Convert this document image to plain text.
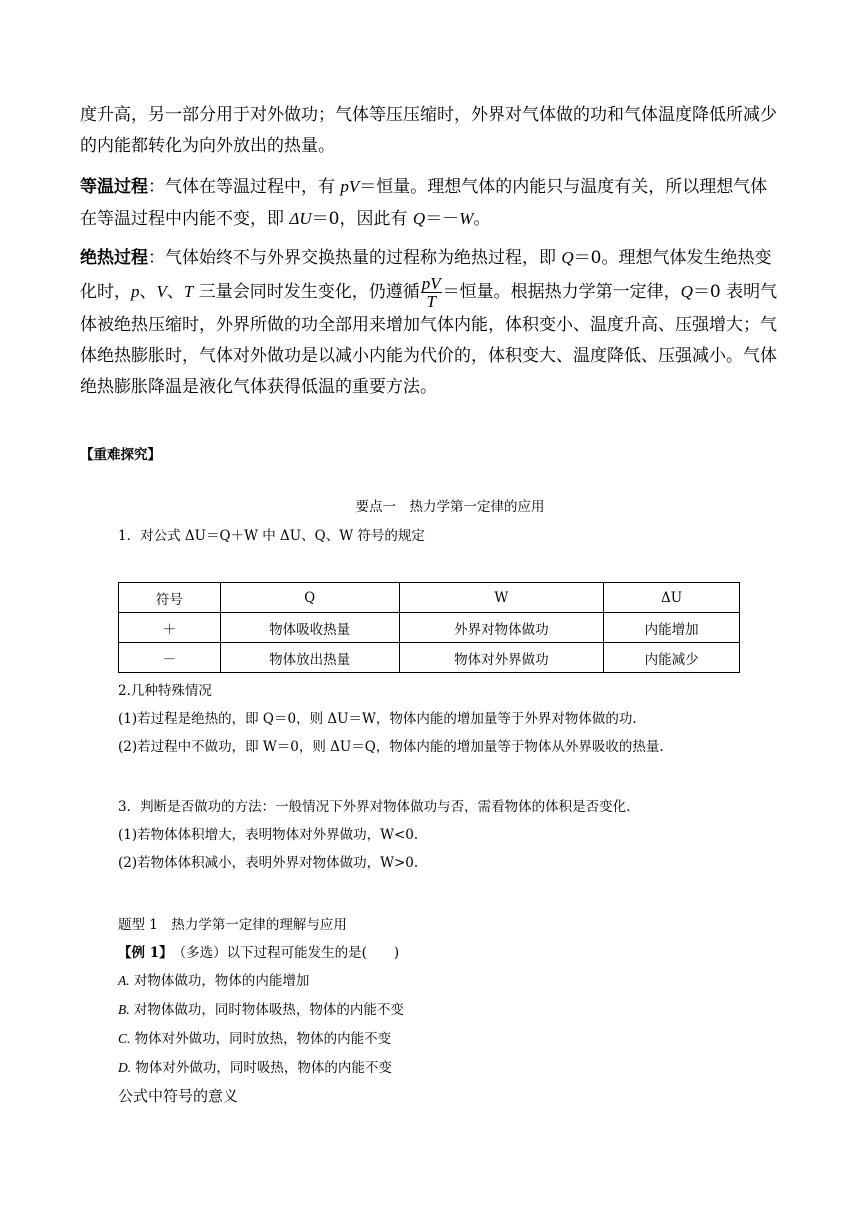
度升高，另一部分用于对外做功；气体等压压缩时，外界对气体做的功和气体温度降低所减少
的内能都转化为向外放出的热量。
等温过程：气体在等温过程中，有 pV＝恒量。理想气体的内能只与温度有关，所以理想气体
在等温过程中内能不变，即 ΔU＝0，因此有 Q＝－W。
绝热过程：气体始终不与外界交换热量的过程称为绝热过程，即 Q＝0。理想气体发生绝热变
化时，p、V、T 三量会同时发生变化，仍遵循 $\frac{pV}{T}$ ＝恒量。根据热力学第一定律，Q＝0 表明气
体被绝热压缩时，外界所做的功全部用来增加气体内能，体积变小、温度升高、压强增大；气
体绝热膨胀时，气体对外做功是以减小内能为代价的，体积变大、温度降低、压强减小。气体
绝热膨胀降温是液化气体获得低温的重要方法。
【重难探究】
要点一　热力学第一定律的应用
1．对公式 ΔU＝Q＋W 中 ΔU、Q、W 符号的规定
符号	Q	W	ΔU
＋	物体吸收热量	外界对物体做功	内能增加
－	物体放出热量	物体对外界做功	内能减少
2.几种特殊情况
(1)若过程是绝热的，即 Q＝0，则 ΔU＝W，物体内能的增加量等于外界对物体做的功.
(2)若过程中不做功，即 W＝0，则 ΔU＝Q，物体内能的增加量等于物体从外界吸收的热量.
3．判断是否做功的方法：一般情况下外界对物体做功与否，需看物体的体积是否变化.
(1)若物体体积增大，表明物体对外界做功，W<0.
(2)若物体体积减小，表明外界对物体做功，W>0.
题型 1　热力学第一定律的理解与应用
【例 1】　 （多选）以下过程可能发生的是(　　)
A. 对物体做功，物体的内能增加
B. 对物体做功，同时物体吸热，物体的内能不变
C. 物体对外做功，同时放热，物体的内能不变
D. 物体对外做功，同时吸热，物体的内能不变
公式中符号的意义
